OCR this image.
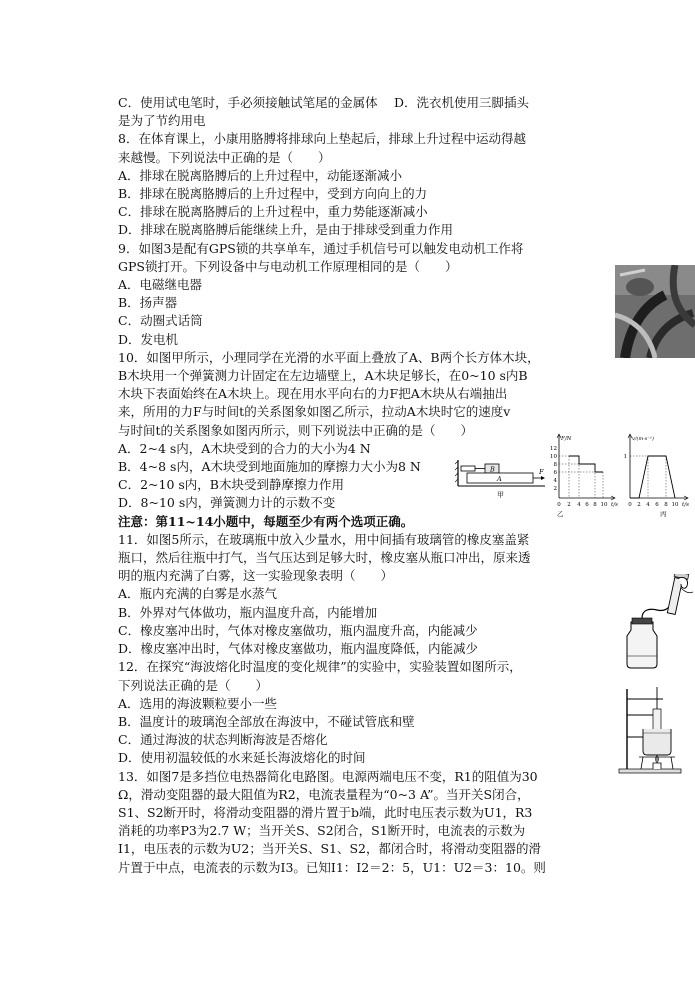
C．使用试电笔时，手必须接触试笔尾的金属体　 D．洗衣机使用三脚插头
是为了节约用电
8．在体育课上，小康用胳膊将排球向上垫起后，排球上升过程中运动得越
来越慢。下列说法中正确的是（　　）
A．排球在脱离胳膊后的上升过程中，动能逐渐减小
B．排球在脱离胳膊后的上升过程中，受到方向向上的力
C．排球在脱离胳膊后的上升过程中，重力势能逐渐减小
D．排球在脱离胳膊后能继续上升，是由于排球受到重力作用
9．如图3是配有GPS锁的共享单车，通过手机信号可以触发电动机工作将
GPS锁打开。下列设备中与电动机工作原理相同的是（　　）
A．电磁继电器
B．扬声器
C．动圈式话筒
D．发电机
10．如图甲所示，小理同学在光滑的水平面上叠放了A、B两个长方体木块，
B木块用一个弹簧测力计固定在左边墙壁上，A木块足够长，在0~10 s内B
木块下表面始终在A木块上。现在用水平向右的力F把A木块从右端抽出
来，所用的力F与时间t的关系图象如图乙所示，拉动A木块时它的速度v
与时间t的关系图象如图丙所示，则下列说法中正确的是（　　）
A．2~4 s内，A木块受到的合力的大小为4 N
B．4~8 s内，A木块受到地面施加的摩擦力大小为8 N
C．2~10 s内，B木块受到静摩擦力作用
D．8~10 s内，弹簧测力计的示数不变
注意：第11~14小题中，每题至少有两个选项正确。
11．如图5所示，在玻璃瓶中放入少量水，用中间插有玻璃管的橡皮塞盖紧
瓶口，然后往瓶中打气，当气压达到足够大时，橡皮塞从瓶口冲出，原来透
明的瓶内充满了白雾，这一实验现象表明（　　）
A．瓶内充满的白雾是水蒸气
B．外界对气体做功，瓶内温度升高，内能增加
C．橡皮塞冲出时，气体对橡皮塞做功，瓶内温度升高，内能减少
D．橡皮塞冲出时，气体对橡皮塞做功，瓶内温度降低，内能减少
12．在探究“海波熔化时温度的变化规律”的实验中，实验装置如图所示，
下列说法正确的是（　　）
A．选用的海波颗粒要小一些
B．温度计的玻璃泡全部放在海波中，不碰试管底和壁
C．通过海波的状态判断海波是否熔化
D．使用初温较低的水来延长海波熔化的时间
13．如图7是多挡位电热器简化电路图。电源两端电压不变，R1的阻值为30
Ω，滑动变阻器的最大阻值为R2，电流表量程为“0~3 A”。当开关S闭合，
S1、S2断开时，将滑动变阻器的滑片置于b端，此时电压表示数为U1，R3
消耗的功率P3为2.7 W；当开关S、S2闭合，S1断开时，电流表的示数为
I1，电压表的示数为U2；当开关S、S1、S2，都闭合时，将滑动变阻器的滑
片置于中点，电流表的示数为I3。已知I1：I2＝2：5，U1：U2＝3：10。则
B
A
F
甲
F/N
12
10
8
6
4
2
0 2 4 6 8 10 t/s
乙
v/(m·s⁻¹)
1
0 2 4 6 8 10 t/s
丙
